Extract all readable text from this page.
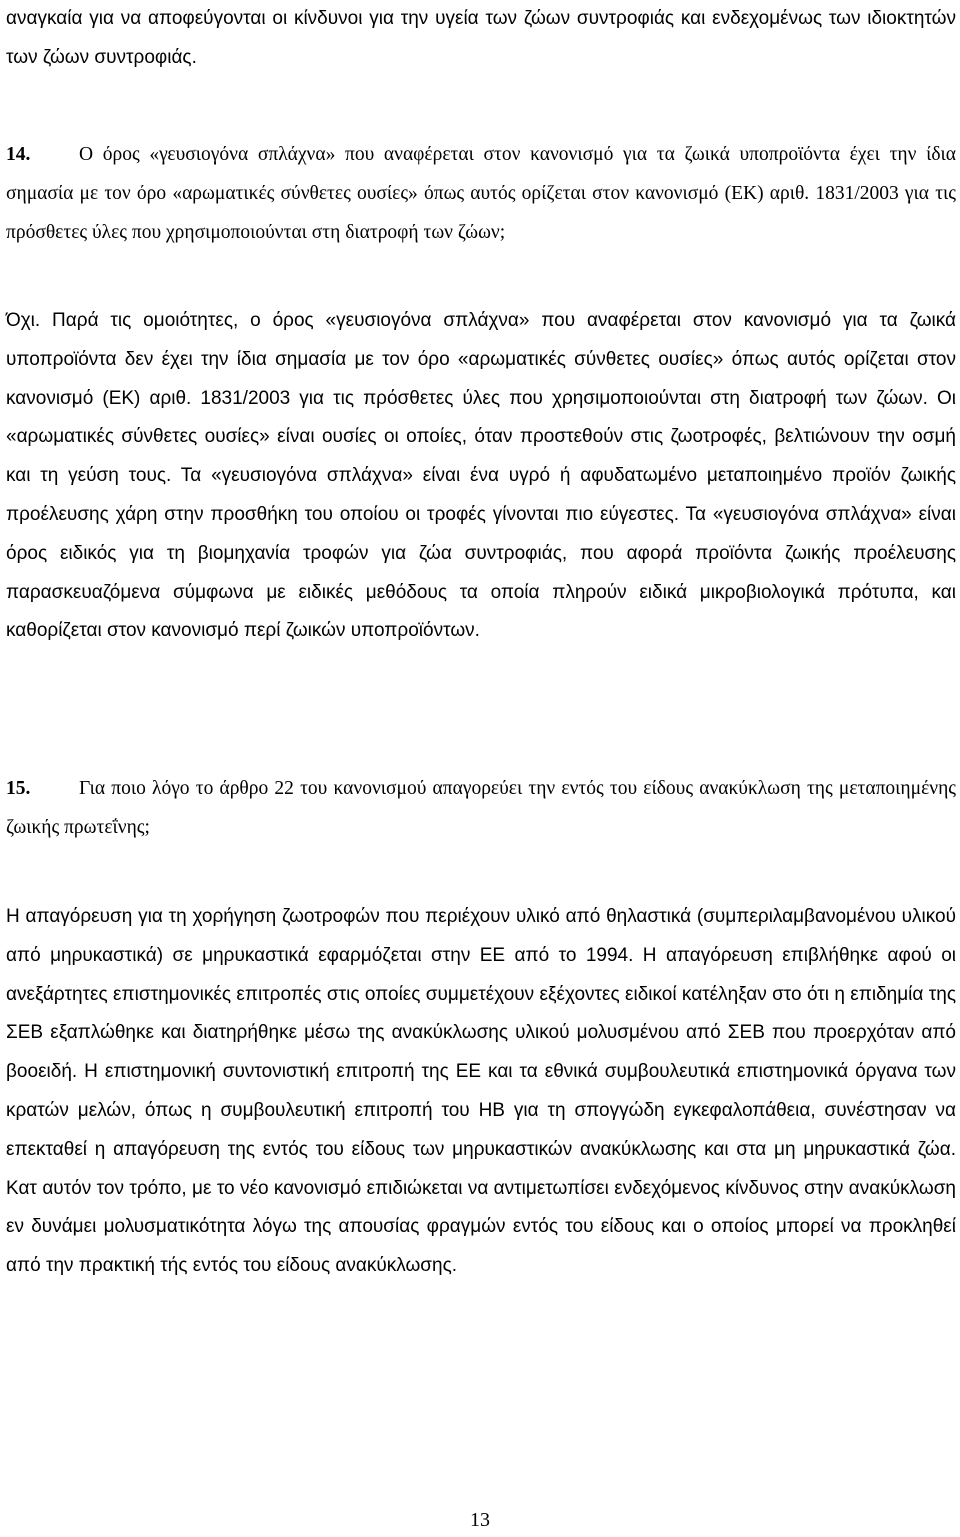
αναγκαία για να αποφεύγονται οι κίνδυνοι για την υγεία των ζώων συντροφιάς και ενδεχομένως των ιδιοκτητών των ζώων συντροφιάς.

14. Ο όρος «γευσιογόνα σπλάχνα» που αναφέρεται στον κανονισμό για τα ζωικά υποπροϊόντα έχει την ίδια σημασία με τον όρο «αρωματικές σύνθετες ουσίες» όπως αυτός ορίζεται στον κανονισμό (ΕΚ) αριθ. 1831/2003 για τις πρόσθετες ύλες που χρησιμοποιούνται στη διατροφή των ζώων;

Όχι. Παρά τις ομοιότητες, ο όρος «γευσιογόνα σπλάχνα» που αναφέρεται στον κανονισμό για τα ζωικά υποπροϊόντα δεν έχει την ίδια σημασία με τον όρο «αρωματικές σύνθετες ουσίες» όπως αυτός ορίζεται στον κανονισμό (ΕΚ) αριθ. 1831/2003 για τις πρόσθετες ύλες που χρησιμοποιούνται στη διατροφή των ζώων. Οι «αρωματικές σύνθετες ουσίες» είναι ουσίες οι οποίες, όταν προστεθούν στις ζωοτροφές, βελτιώνουν την οσμή και τη γεύση τους. Τα «γευσιογόνα σπλάχνα» είναι ένα υγρό ή αφυδατωμένο μεταποιημένο προϊόν ζωικής προέλευσης χάρη στην προσθήκη του οποίου οι τροφές γίνονται πιο εύγεστες. Τα «γευσιογόνα σπλάχνα» είναι όρος ειδικός για τη βιομηχανία τροφών για ζώα συντροφιάς, που αφορά προϊόντα ζωικής προέλευσης παρασκευαζόμενα σύμφωνα με ειδικές μεθόδους τα οποία πληρούν ειδικά μικροβιολογικά πρότυπα, και καθορίζεται στον κανονισμό περί ζωικών υποπροϊόντων.

15. Για ποιο λόγο το άρθρο 22 του κανονισμού απαγορεύει την εντός του είδους ανακύκλωση της μεταποιημένης ζωικής πρωτεΐνης;

Η απαγόρευση για τη χορήγηση ζωοτροφών που περιέχουν υλικό από θηλαστικά (συμπεριλαμβανομένου υλικού από μηρυκαστικά) σε μηρυκαστικά εφαρμόζεται στην ΕΕ από το 1994. Η απαγόρευση επιβλήθηκε αφού οι ανεξάρτητες επιστημονικές επιτροπές στις οποίες συμμετέχουν εξέχοντες ειδικοί κατέληξαν στο ότι η επιδημία της ΣΕΒ εξαπλώθηκε και διατηρήθηκε μέσω της ανακύκλωσης υλικού μολυσμένου από ΣΕΒ που προερχόταν από βοοειδή. Η επιστημονική συντονιστική επιτροπή της ΕΕ και τα εθνικά συμβουλευτικά επιστημονικά όργανα των κρατών μελών, όπως η συμβουλευτική επιτροπή του ΗΒ για τη σπογγώδη εγκεφαλοπάθεια, συνέστησαν να επεκταθεί η απαγόρευση της εντός του είδους των μηρυκαστικών ανακύκλωσης και στα μη μηρυκαστικά ζώα. Κατ αυτόν τον τρόπο, με το νέο κανονισμό επιδιώκεται να αντιμετωπίσει ενδεχόμενος κίνδυνος στην ανακύκλωση εν δυνάμει μολυσματικότητα λόγω της απουσίας φραγμών εντός του είδους και ο οποίος μπορεί να προκληθεί από την πρακτική τής εντός του είδους ανακύκλωσης.

13
